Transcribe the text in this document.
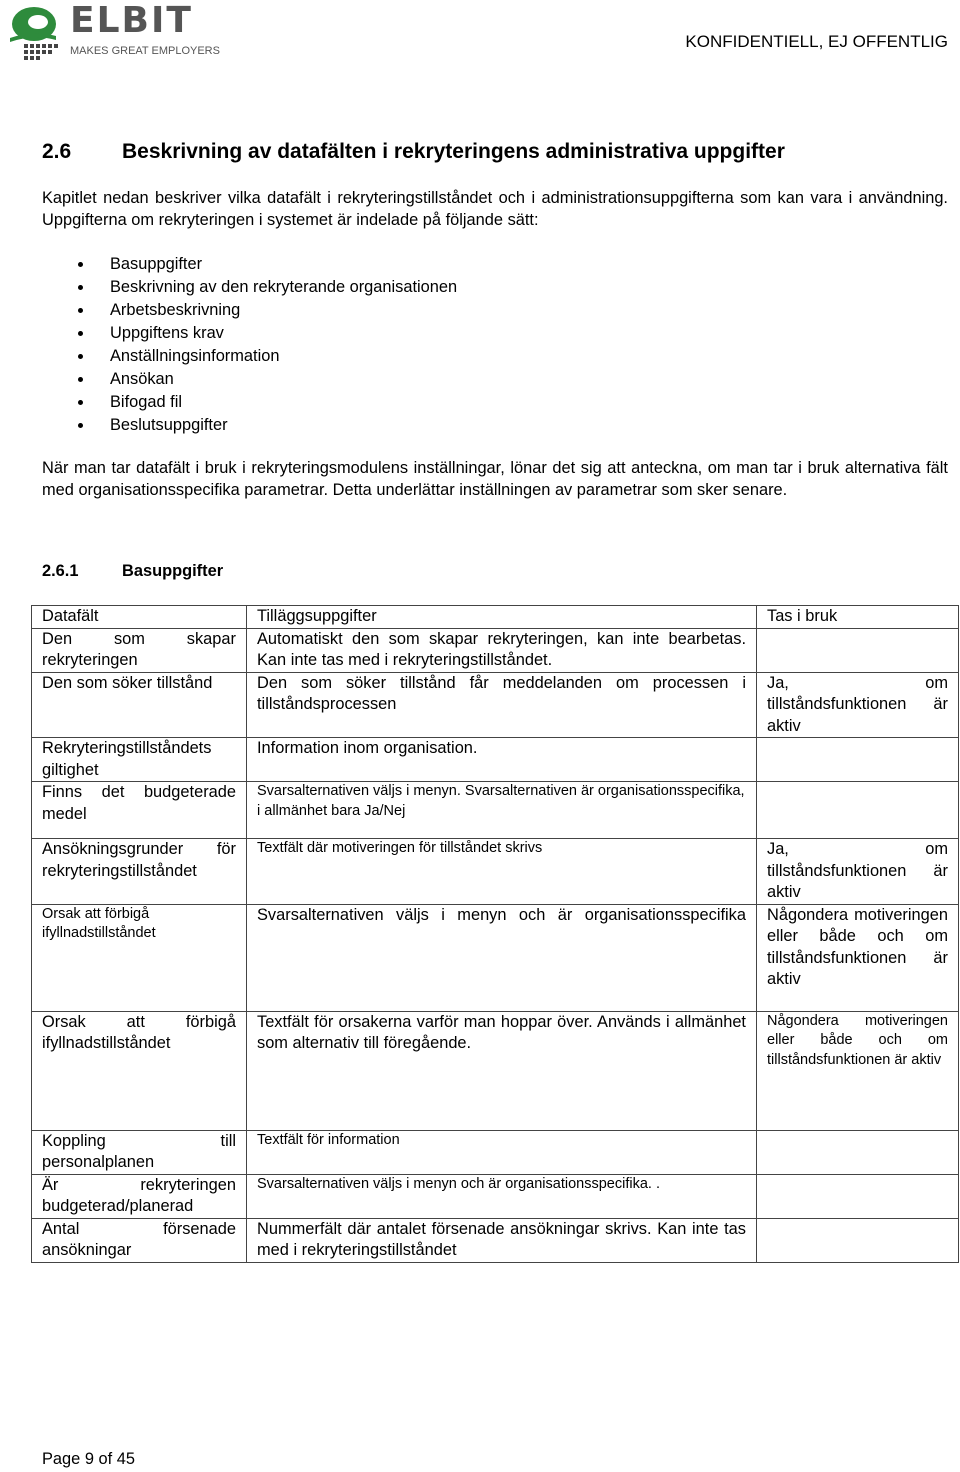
ELBIT
MAKES GREAT EMPLOYERS	KONFIDENTIELL, EJ OFFENTLIG
2.6 Beskrivning av datafälten i rekryteringens administrativa uppgifter

Kapitlet nedan beskriver vilka datafält i rekryteringstillståndet och i administrationsuppgifterna som kan vara i användning. Uppgifterna om rekryteringen i systemet är indelade på följande sätt:

Basuppgifter
Beskrivning av den rekryterande organisationen
Arbetsbeskrivning
Uppgiftens krav
Anställningsinformation
Ansökan
Bifogad fil
Beslutsuppgifter

När man tar datafält i bruk i rekryteringsmodulens inställningar, lönar det sig att anteckna, om man tar i bruk alternativa fält med organisationsspecifika parametrar. Detta underlättar inställningen av parametrar som sker senare.

2.6.1	Basuppgifter
Datafält	Tilläggsuppgifter	Tas i bruk
Den som skapar rekryteringen	Automatiskt den som skapar rekryteringen, kan inte bearbetas. Kan inte tas med i rekryteringstillståndet.	
Den som söker tillstånd	Den som söker tillstånd får meddelanden om processen i tillståndsprocessen	Ja, om tillståndsfunktionen är aktiv
Rekryteringstillståndets giltighet	Information inom organisation.	
Finns det budgeterade medel	Svarsalternativen väljs i menyn. Svarsalternativen är organisationsspecifika, i allmänhet bara Ja/Nej	
Ansökningsgrunder för rekryteringstillståndet	Textfält där motiveringen för tillståndet skrivs	Ja, om tillståndsfunktionen är aktiv
Orsak att förbigå ifyllnadstillståndet	Svarsalternativen väljs i menyn och är organisationsspecifika	Någondera motiveringen eller både och om tillståndsfunktionen är aktiv
Orsak att förbigå ifyllnadstillståndet	Textfält för orsakerna varför man hoppar över. Används i allmänhet som alternativ till föregående.	Någondera motiveringen eller både och om tillståndsfunktionen är aktiv
Koppling till personalplanen	Textfält för information	
Är rekryteringen budgeterad/planerad	Svarsalternativen väljs i menyn och är organisationsspecifika. .	
Antal försenade ansökningar	Nummerfält där antalet försenade ansökningar skrivs. Kan inte tas med i rekryteringstillståndet	
Page 9 of 45
